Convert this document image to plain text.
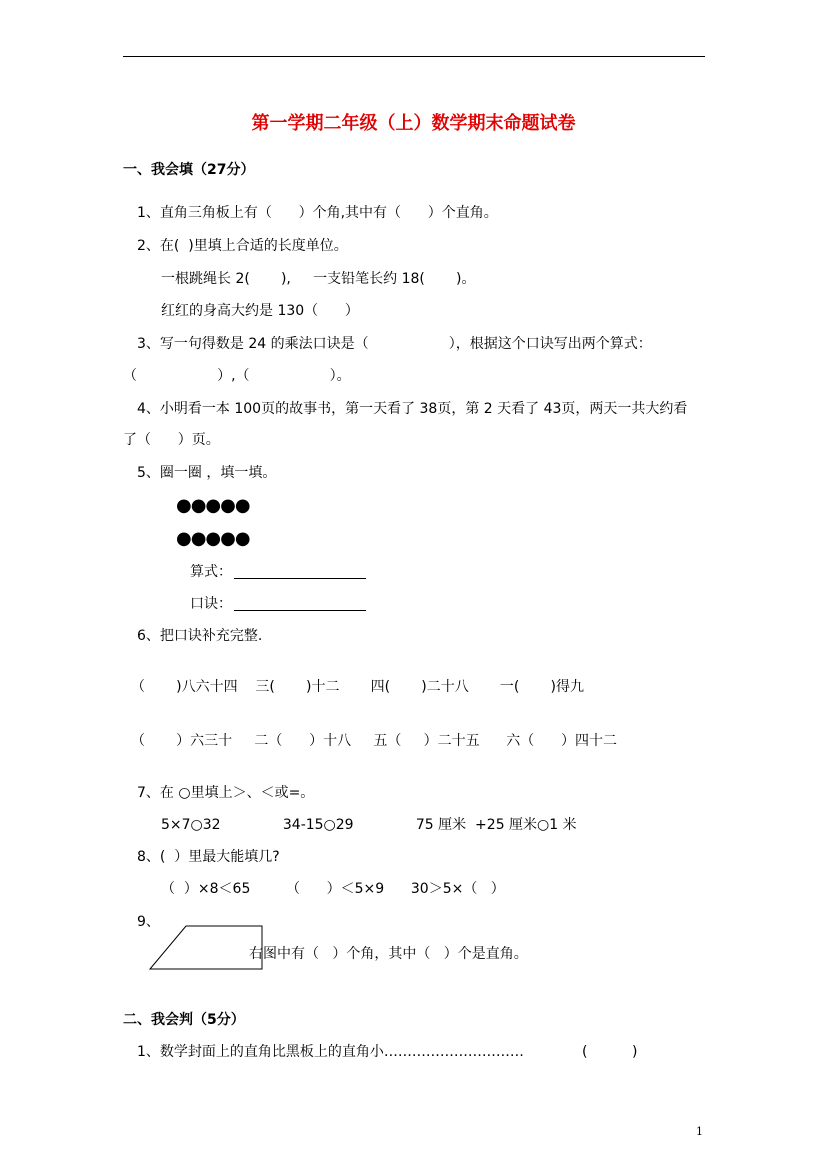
第一学期二年级（上）数学期末命题试卷
一、我会填（27分）
1、直角三角板上有（      ）个角,其中有（      ）个直角。
2、在(  )里填上合适的长度单位。
一根跳绳长 2(       ),     一支铅笔长约 18(       )。
红红的身高大约是 130（      ）
3、写一句得数是 24 的乘法口诀是（                  ），根据这个口诀写出两个算式：
（                  ）,（                  ）。
4、小明看一本 100页的故事书，第一天看了 38页，第 2 天看了 43页，两天一共大约看
了（      ）页。
5、圈一圈 ，填一填。
●●●●●
●●●●●
算式：
口诀：
6、把口诀补充完整.
（       )八六十四    三(       )十二       四(       )二十八       一(       )得九
（       ）六三十     二（      ）十八     五（     ）二十五      六（      ）四十二
7、在 ○里填上＞、＜或=。
5×7○32              34-15○29              75 厘米  +25 厘米○1 米
8、(  ）里最大能填几?
（  ）×8＜65        （      ）＜5×9      30＞5×（   ）
9、
右图中有（   ）个角，其中（   ）个是直角。
二、我会判（5分）
1、数学封面上的直角比黑板上的直角小…………………………	(          )
1
